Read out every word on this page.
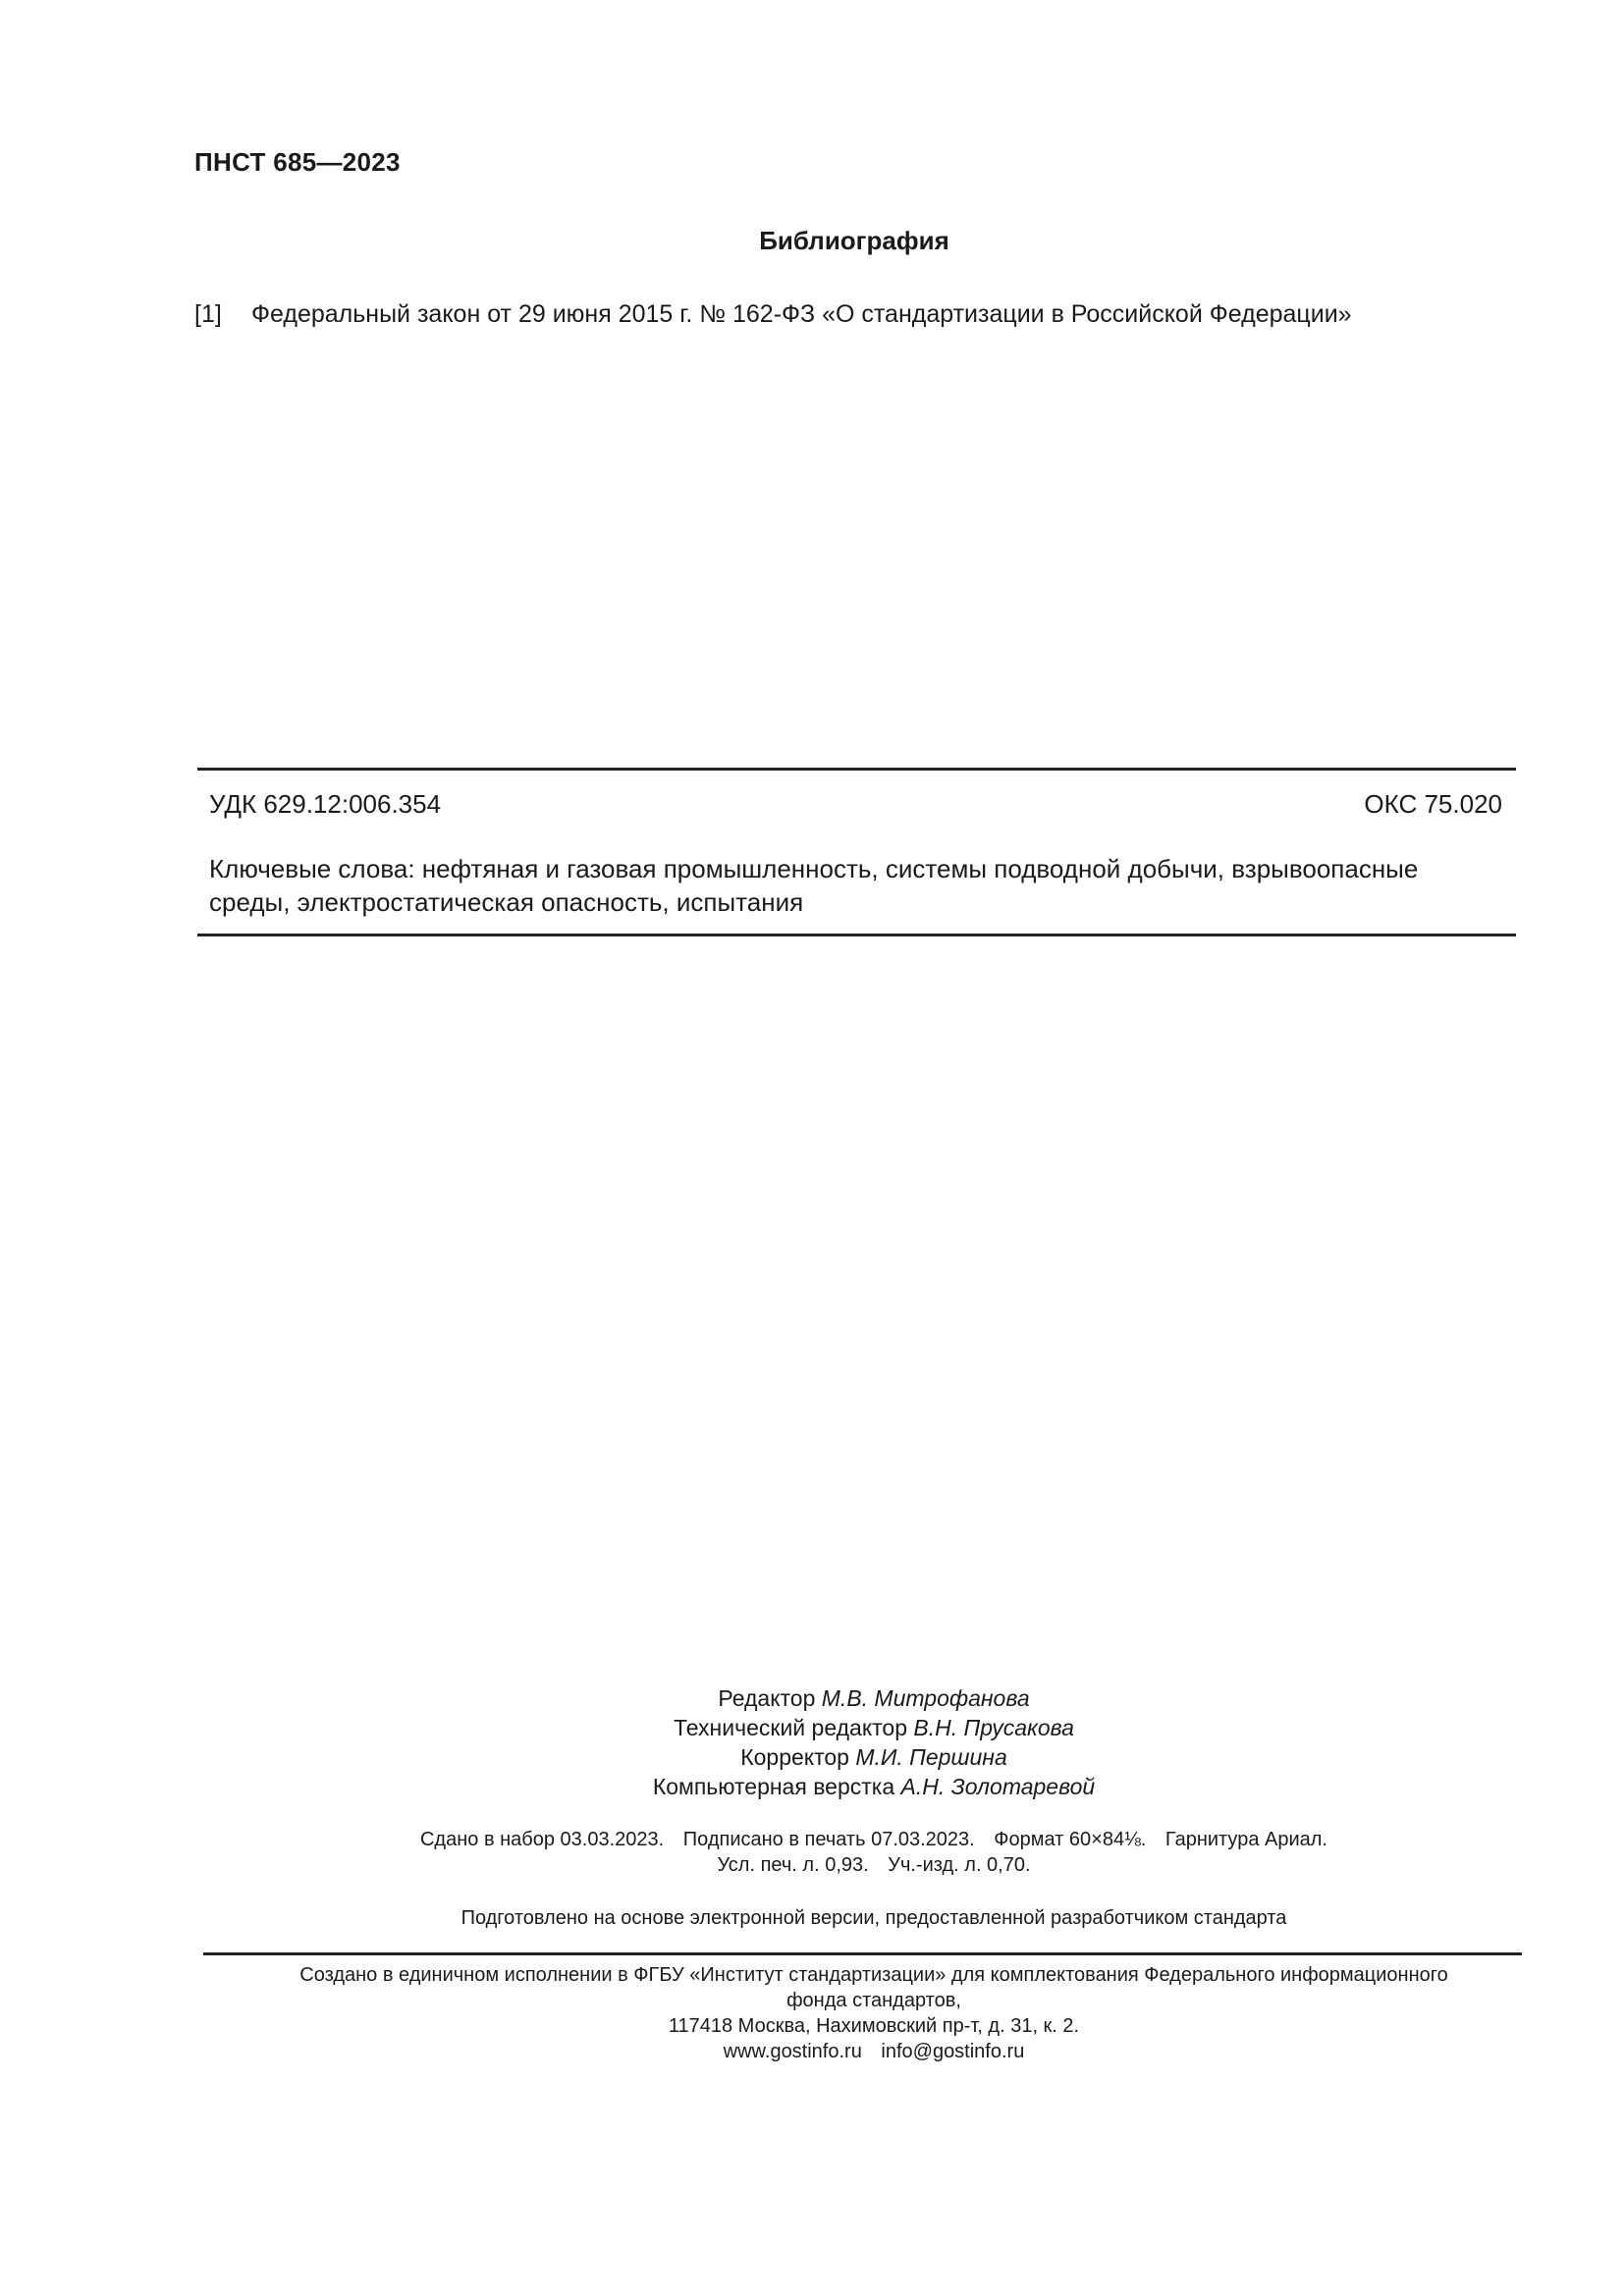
ПНСТ 685—2023
Библиография
[1]	Федеральный закон от 29 июня 2015 г. № 162-ФЗ «О стандартизации в Российской Федерации»
УДК 629.12:006.354	ОКС 75.020
Ключевые слова: нефтяная и газовая промышленность, системы подводной добычи, взрывоопасные
среды, электростатическая опасность, испытания
Редактор М.В. Митрофанова
Технический редактор В.Н. Прусакова
Корректор М.И. Першина
Компьютерная верстка А.Н. Золотаревой
Сдано в набор 03.03.2023. Подписано в печать 07.03.2023. Формат 60×84⅛. Гарнитура Ариал.
Усл. печ. л. 0,93. Уч.-изд. л. 0,70.
Подготовлено на основе электронной версии, предоставленной разработчиком стандарта
Создано в единичном исполнении в ФГБУ «Институт стандартизации» для комплектования Федерального информационного
фонда стандартов,
117418 Москва, Нахимовский пр-т, д. 31, к. 2.
www.gostinfo.ru info@gostinfo.ru
